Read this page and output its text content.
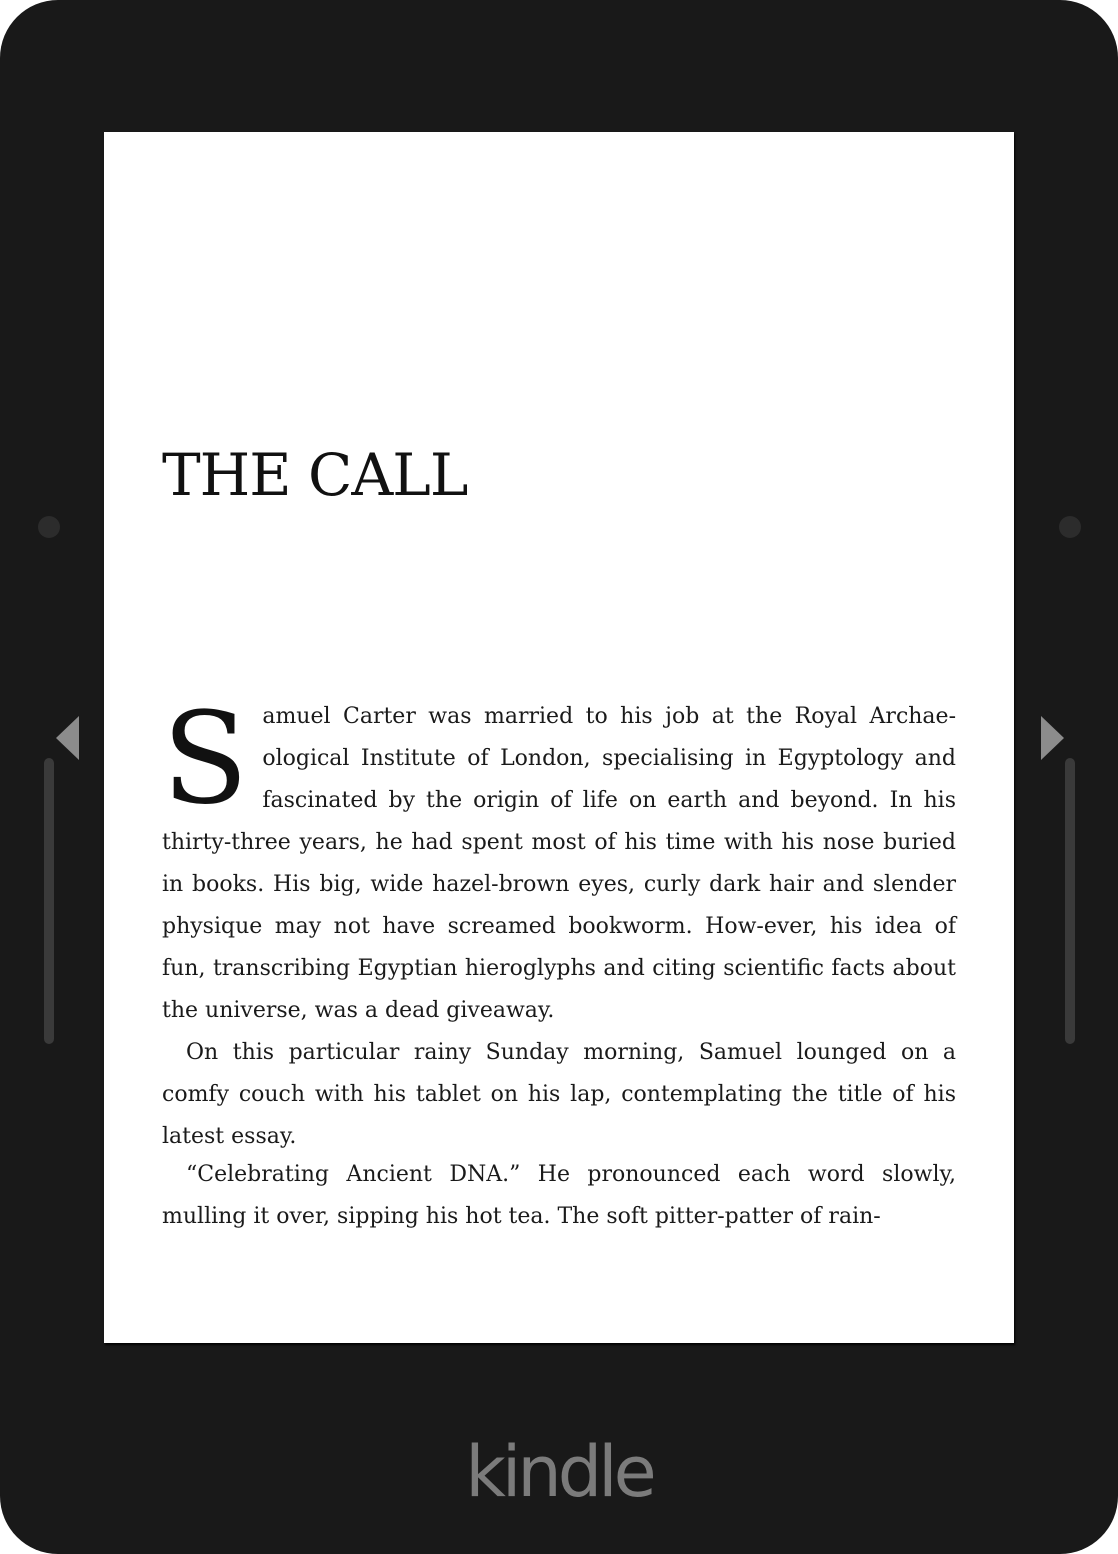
THE CALL

Samuel Carter was married to his job at the Royal Archae-ological Institute of London, specialising in Egyptology and fascinated by the origin of life on earth and beyond. In his thirty-three years, he had spent most of his time with his nose buried in books. His big, wide hazel-brown eyes, curly dark hair and slender physique may not have screamed bookworm. How-ever, his idea of fun, transcribing Egyptian hieroglyphs and citing scientific facts about the universe, was a dead giveaway.

On this particular rainy Sunday morning, Samuel lounged on a comfy couch with his tablet on his lap, contemplating the title of his latest essay.

“Celebrating Ancient DNA.” He pronounced each word slowly, mulling it over, sipping his hot tea. The soft pitter-patter of rain-

kindle
